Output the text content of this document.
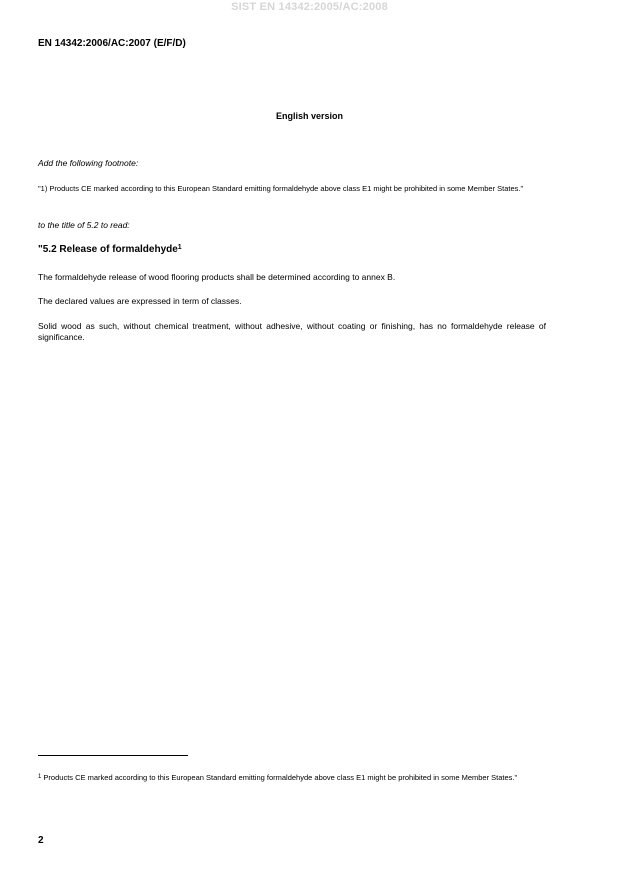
SIST EN 14342:2005/AC:2008
EN 14342:2006/AC:2007 (E/F/D)
English version
Add the following footnote:
"1) Products CE marked according to this European Standard emitting formaldehyde above class E1 might be prohibited in some Member States."
to the title of 5.2 to read:
"5.2 Release of formaldehyde$^1$
The formaldehyde release of wood flooring products shall be determined according to annex B.
The declared values are expressed in term of classes.
Solid wood as such, without chemical treatment, without adhesive, without coating or finishing, has no formaldehyde release of significance.
$^1$ Products CE marked according to this European Standard emitting formaldehyde above class E1 might be prohibited in some Member States."
2
